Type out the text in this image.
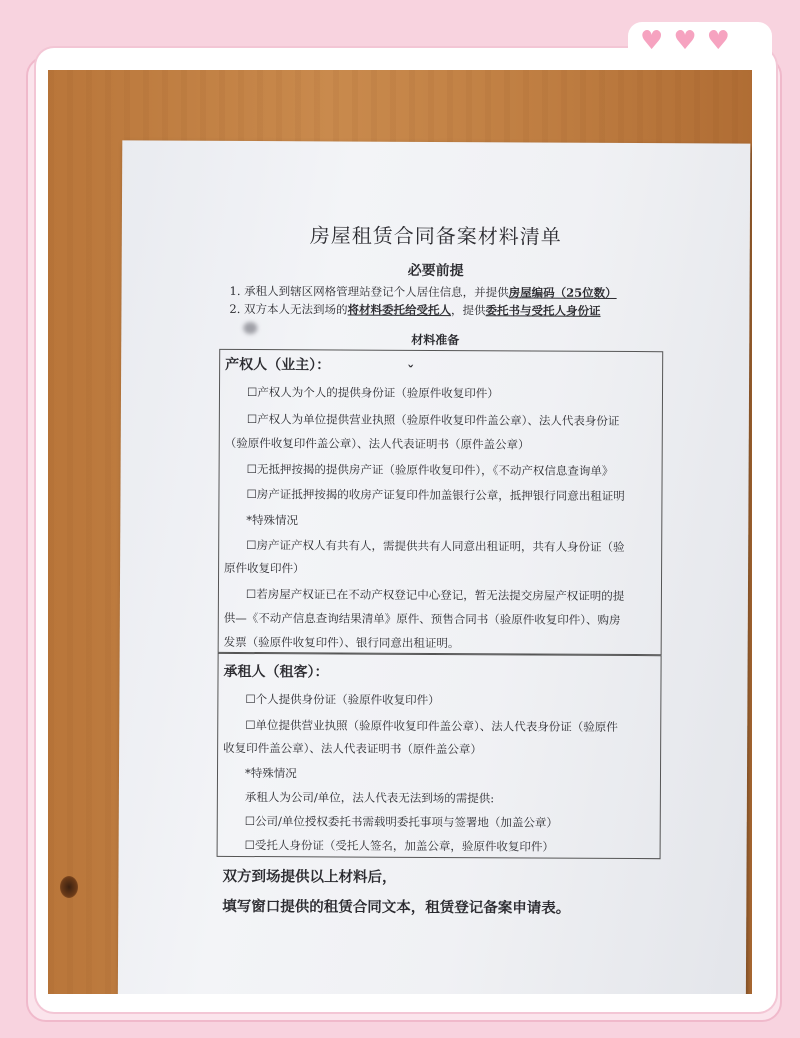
♥ ♥ ♥
房屋租赁合同备案材料清单
必要前提
1. 承租人到辖区网格管理站登记个人居住信息，并提供房屋编码（25位数）
2. 双方本人无法到场的将材料委托给受托人，提供委托书与受托人身份证
材料准备
产权人（业主）：	ˇ
☐产权人为个人的提供身份证（验原件收复印件）
☐产权人为单位提供营业执照（验原件收复印件盖公章）、法人代表身份证
（验原件收复印件盖公章）、法人代表证明书（原件盖公章）
☐无抵押按揭的提供房产证（验原件收复印件），《不动产权信息查询单》
☐房产证抵押按揭的收房产证复印件加盖银行公章，抵押银行同意出租证明
*特殊情况
☐房产证产权人有共有人，需提供共有人同意出租证明，共有人身份证（验
原件收复印件）
☐若房屋产权证已在不动产权登记中心登记，暂无法提交房屋产权证明的提
供—《不动产信息查询结果清单》原件、预售合同书（验原件收复印件）、购房
发票（验原件收复印件）、银行同意出租证明。
承租人（租客）：
☐个人提供身份证（验原件收复印件）
☐单位提供营业执照（验原件收复印件盖公章）、法人代表身份证（验原件
收复印件盖公章）、法人代表证明书（原件盖公章）
*特殊情况
承租人为公司/单位，法人代表无法到场的需提供:
☐公司/单位授权委托书需载明委托事项与签署地（加盖公章）
☐受托人身份证（受托人签名，加盖公章，验原件收复印件）
双方到场提供以上材料后，
填写窗口提供的租赁合同文本，租赁登记备案申请表。
